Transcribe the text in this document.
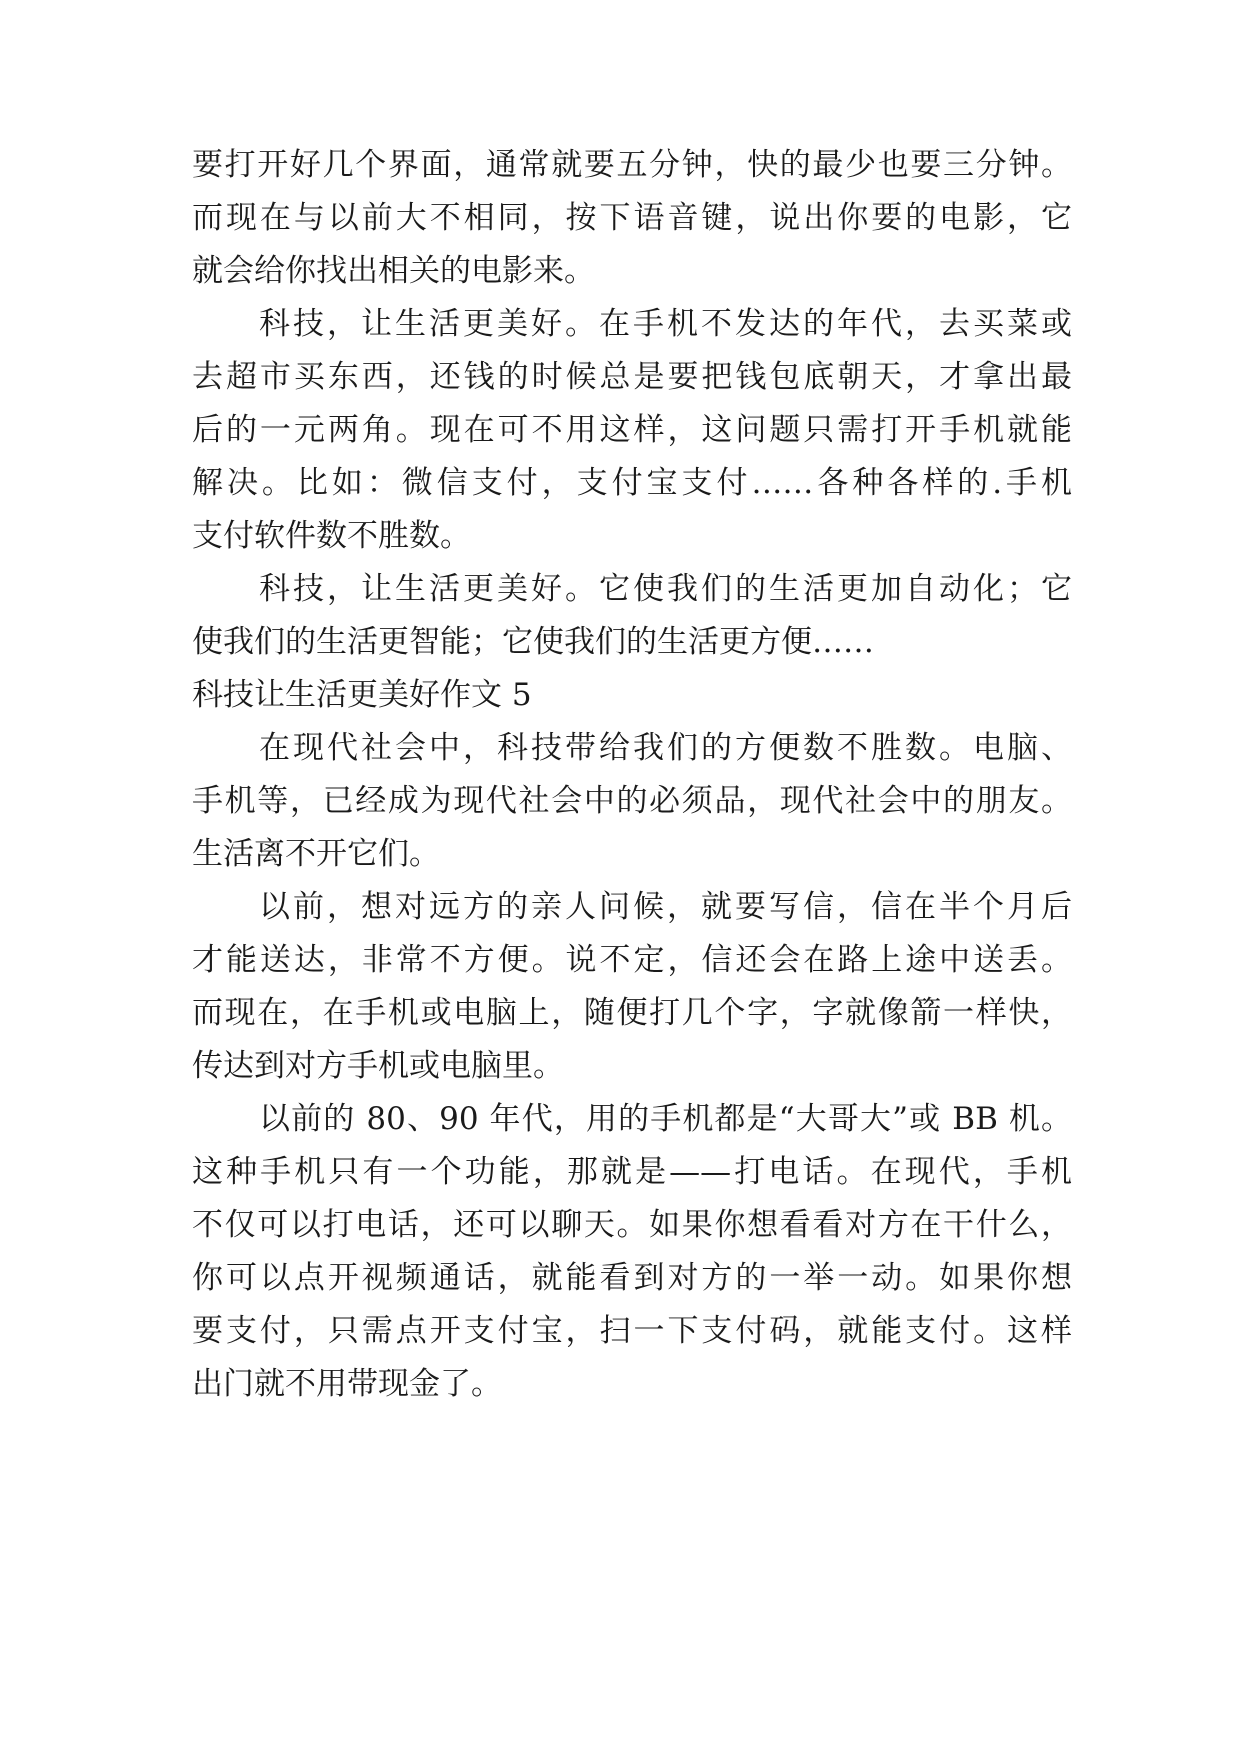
要打开好几个界面，通常就要五分钟，快的最少也要三分钟。

而现在与以前大不相同，按下语音键，说出你要的电影，它

就会给你找出相关的电影来。

科技，让生活更美好。在手机不发达的年代，去买菜或

去超市买东西，还钱的时候总是要把钱包底朝天，才拿出最

后的一元两角。现在可不用这样，这问题只需打开手机就能

解决。比如：微信支付，支付宝支付……各种各样的.手机

支付软件数不胜数。

科技，让生活更美好。它使我们的生活更加自动化；它

使我们的生活更智能；它使我们的生活更方便……

科技让生活更美好作文 5

在现代社会中，科技带给我们的方便数不胜数。电脑、

手机等，已经成为现代社会中的必须品，现代社会中的朋友。

生活离不开它们。

以前，想对远方的亲人问候，就要写信，信在半个月后

才能送达，非常不方便。说不定，信还会在路上途中送丢。

而现在，在手机或电脑上，随便打几个字，字就像箭一样快，

传达到对方手机或电脑里。

以前的 80、90 年代，用的手机都是“大哥大”或 BB 机。

这种手机只有一个功能，那就是——打电话。在现代，手机

不仅可以打电话，还可以聊天。如果你想看看对方在干什么，

你可以点开视频通话，就能看到对方的一举一动。如果你想

要支付，只需点开支付宝，扫一下支付码，就能支付。这样

出门就不用带现金了。
